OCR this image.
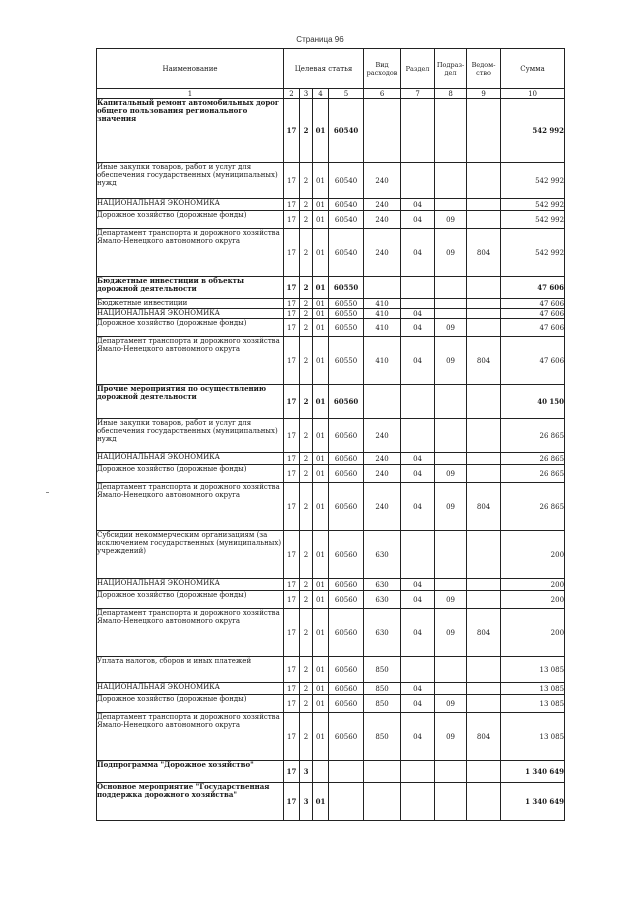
Страница 96
Наименование	Целевая статья				Вид расходов	Раздел	Подраз-дел	Ведом-ство	Сумма
1	2	3	4	5	6	7	8	9	10
Капитальный ремонт автомобильных дорог общего пользования регионального значения	17	2	01	60540					542 992
Иные закупки товаров, работ и услуг для обеспечения государственных (муниципальных) нужд	17	2	01	60540	240				542 992
НАЦИОНАЛЬНАЯ ЭКОНОМИКА	17	2	01	60540	240	04			542 992
Дорожное хозяйство (дорожные фонды)	17	2	01	60540	240	04	09		542 992
Департамент транспорта и дорожного хозяйства Ямало-Ненецкого автономного округа	17	2	01	60540	240	04	09	804	542 992
Бюджетные инвестиции в объекты дорожной деятельности	17	2	01	60550					47 606
Бюджетные инвестиции	17	2	01	60550	410				47 606
НАЦИОНАЛЬНАЯ ЭКОНОМИКА	17	2	01	60550	410	04			47 606
Дорожное хозяйство (дорожные фонды)	17	2	01	60550	410	04	09		47 606
Департамент транспорта и дорожного хозяйства Ямало-Ненецкого автономного округа	17	2	01	60550	410	04	09	804	47 606
Прочие мероприятия по осуществлению дорожной деятельности	17	2	01	60560					40 150
Иные закупки товаров, работ и услуг для обеспечения государственных (муниципальных) нужд	17	2	01	60560	240				26 865
НАЦИОНАЛЬНАЯ ЭКОНОМИКА	17	2	01	60560	240	04			26 865
Дорожное хозяйство (дорожные фонды)	17	2	01	60560	240	04	09		26 865
Департамент транспорта и дорожного хозяйства Ямало-Ненецкого автономного округа	17	2	01	60560	240	04	09	804	26 865
Субсидии некоммерческим организациям (за исключением государственных (муниципальных) учреждений)	17	2	01	60560	630				200
НАЦИОНАЛЬНАЯ ЭКОНОМИКА	17	2	01	60560	630	04			200
Дорожное хозяйство (дорожные фонды)	17	2	01	60560	630	04	09		200
Департамент транспорта и дорожного хозяйства Ямало-Ненецкого автономного округа	17	2	01	60560	630	04	09	804	200
Уплата налогов, сборов и иных платежей	17	2	01	60560	850				13 085
НАЦИОНАЛЬНАЯ ЭКОНОМИКА	17	2	01	60560	850	04			13 085
Дорожное хозяйство (дорожные фонды)	17	2	01	60560	850	04	09		13 085
Департамент транспорта и дорожного хозяйства Ямало-Ненецкого автономного округа	17	2	01	60560	850	04	09	804	13 085
Подпрограмма "Дорожное хозяйство"	17	3							1 340 649
Основное мероприятие "Государственная поддержка дорожного хозяйства"	17	3	01						1 340 649
